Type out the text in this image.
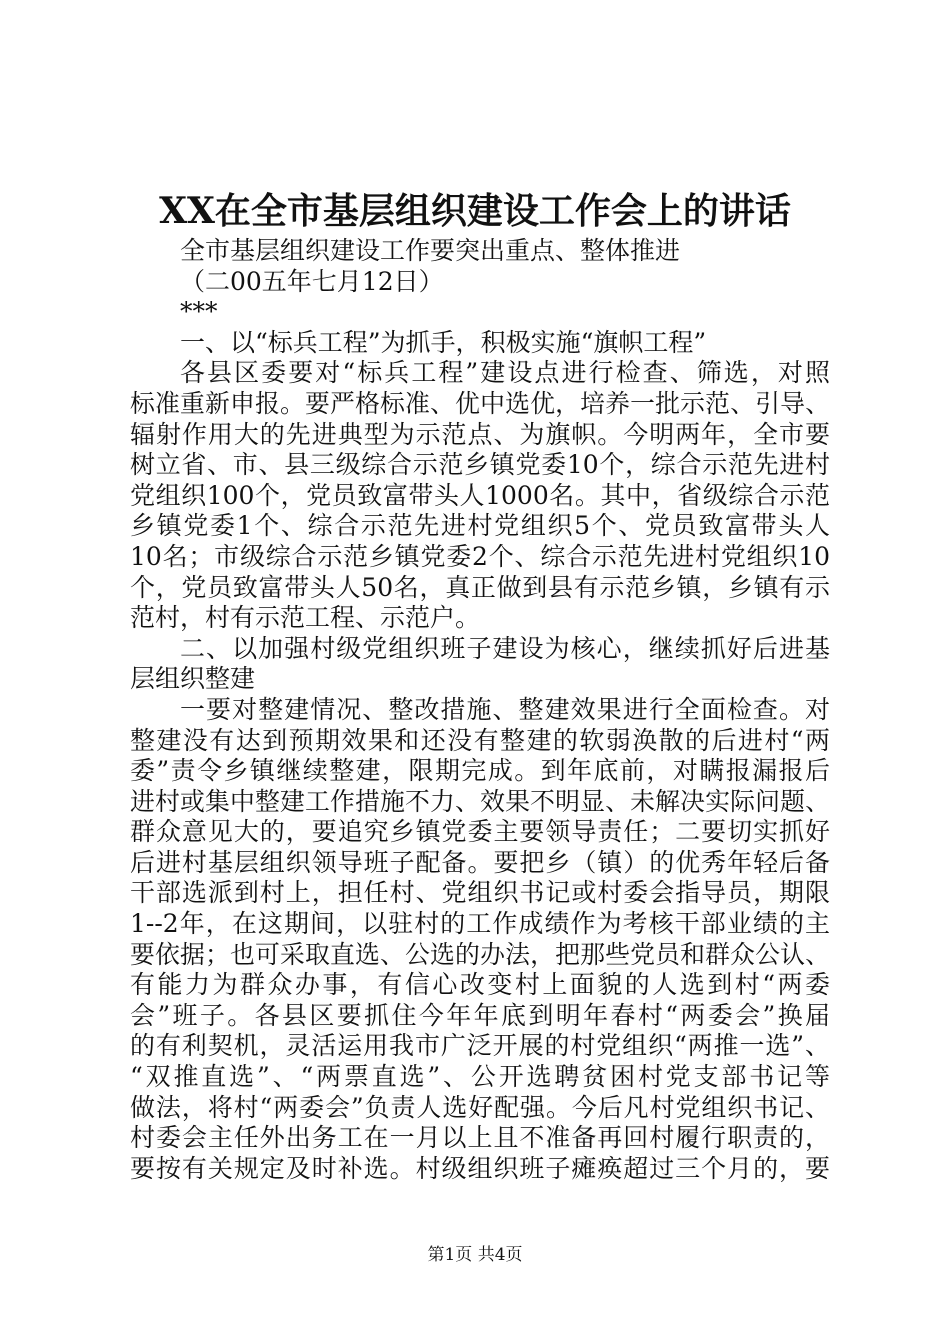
XX在全市基层组织建设工作会上的讲话
全市基层组织建设工作要突出重点、整体推进
（二00五年七月12日）
***
一、以“标兵工程”为抓手，积极实施“旗帜工程”
各县区委要对“标兵工程”建设点进行检查、筛选，对照
标准重新申报。要严格标准、优中选优，培养一批示范、引导、
辐射作用大的先进典型为示范点、为旗帜。今明两年，全市要
树立省、市、县三级综合示范乡镇党委10个，综合示范先进村
党组织100个，党员致富带头人1000名。其中，省级综合示范
乡镇党委1个、综合示范先进村党组织5个、党员致富带头人
10名；市级综合示范乡镇党委2个、综合示范先进村党组织10
个，党员致富带头人50名，真正做到县有示范乡镇，乡镇有示
范村，村有示范工程、示范户。
二、以加强村级党组织班子建设为核心，继续抓好后进基
层组织整建
一要对整建情况、整改措施、整建效果进行全面检查。对
整建没有达到预期效果和还没有整建的软弱涣散的后进村“两
委”责令乡镇继续整建，限期完成。到年底前，对瞒报漏报后
进村或集中整建工作措施不力、效果不明显、未解决实际问题、
群众意见大的，要追究乡镇党委主要领导责任；二要切实抓好
后进村基层组织领导班子配备。要把乡（镇）的优秀年轻后备
干部选派到村上，担任村、党组织书记或村委会指导员，期限
1--2年，在这期间，以驻村的工作成绩作为考核干部业绩的主
要依据；也可采取直选、公选的办法，把那些党员和群众公认、
有能力为群众办事，有信心改变村上面貌的人选到村“两委
会”班子。各县区要抓住今年年底到明年春村“两委会”换届
的有利契机，灵活运用我市广泛开展的村党组织“两推一选”、
“双推直选”、“两票直选”、公开选聘贫困村党支部书记等
做法，将村“两委会”负责人选好配强。今后凡村党组织书记、
村委会主任外出务工在一月以上且不准备再回村履行职责的，
要按有关规定及时补选。村级组织班子瘫痪超过三个月的，要
第1页 共4页
